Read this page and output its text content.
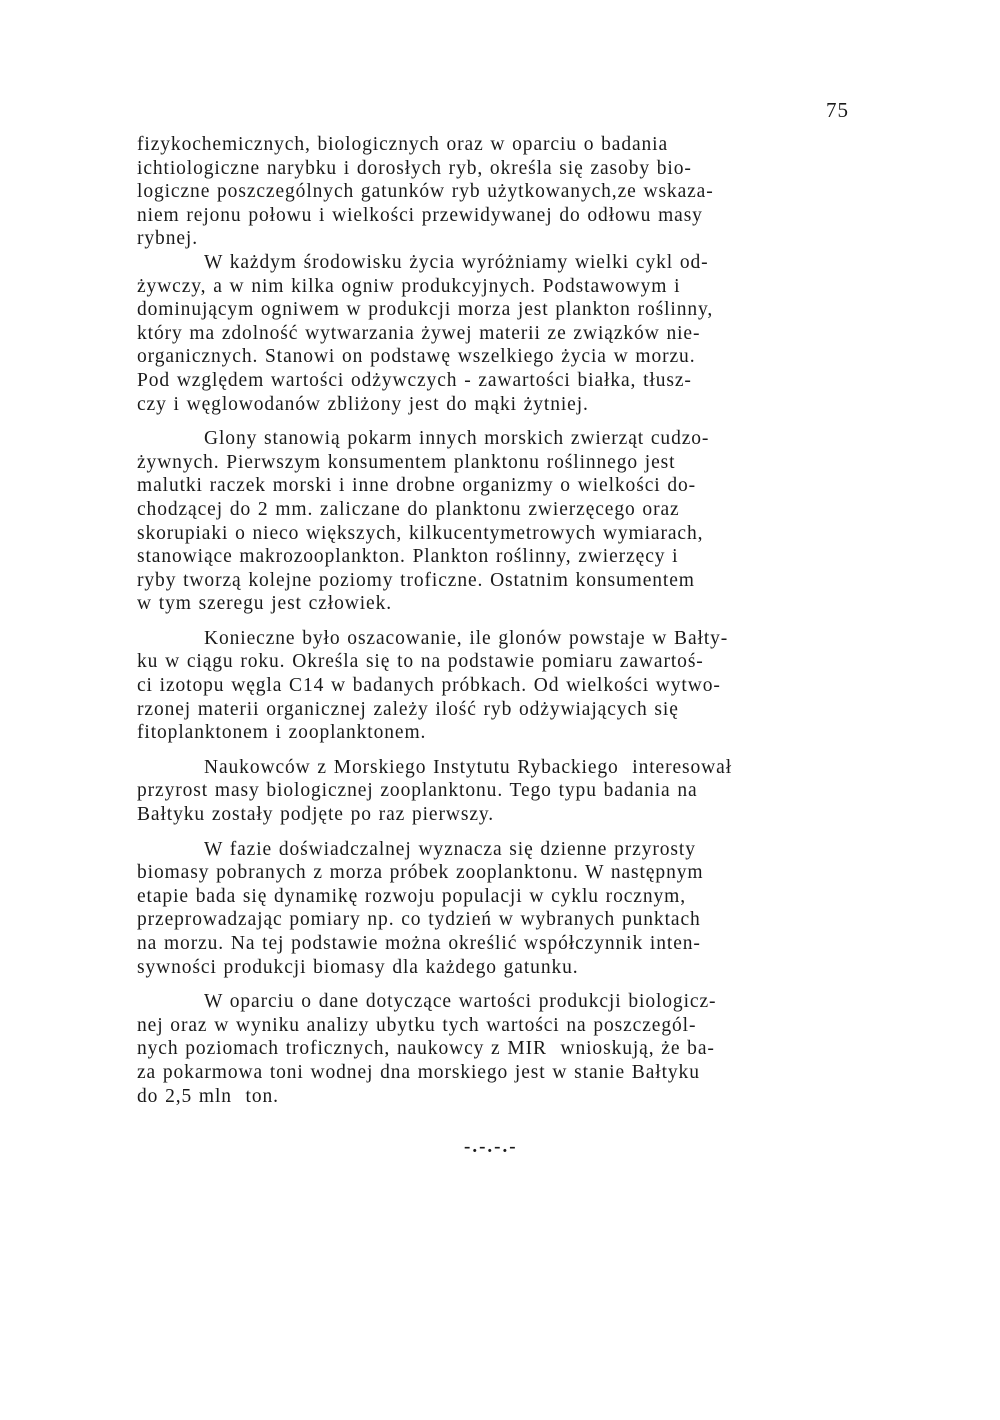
75
fizykochemicznych, biologicznych oraz w oparciu o badania
ichtiologiczne narybku i dorosłych ryb, określa się zasoby bio-
logiczne poszczególnych gatunków ryb użytkowanych,ze wskaza-
niem rejonu połowu i wielkości przewidywanej do odłowu masy
rybnej.
W każdym środowisku życia wyróżniamy wielki cykl od-
żywczy, a w nim kilka ogniw produkcyjnych. Podstawowym i
dominującym ogniwem w produkcji morza jest plankton roślinny,
który ma zdolność wytwarzania żywej materii ze związków nie-
organicznych. Stanowi on podstawę wszelkiego życia w morzu.
Pod względem wartości odżywczych - zawartości białka, tłusz-
czy i węglowodanów zbliżony jest do mąki żytniej.
Glony stanowią pokarm innych morskich zwierząt cudzo-
żywnych. Pierwszym konsumentem planktonu roślinnego jest
malutki raczek morski i inne drobne organizmy o wielkości do-
chodzącej do 2 mm. zaliczane do planktonu zwierzęcego oraz
skorupiaki o nieco większych, kilkucentymetrowych wymiarach,
stanowiące makrozooplankton. Plankton roślinny, zwierzęcy i
ryby tworzą kolejne poziomy troficzne. Ostatnim konsumentem
w tym szeregu jest człowiek.
Konieczne było oszacowanie, ile glonów powstaje w Bałty-
ku w ciągu roku. Określa się to na podstawie pomiaru zawartoś-
ci izotopu węgla C14 w badanych próbkach. Od wielkości wytwo-
rzonej materii organicznej zależy ilość ryb odżywiających się
fitoplanktonem i zooplanktonem.
Naukowców z Morskiego Instytutu Rybackiego  interesował
przyrost masy biologicznej zooplanktonu. Tego typu badania na
Bałtyku zostały podjęte po raz pierwszy.
W fazie doświadczalnej wyznacza się dzienne przyrosty
biomasy pobranych z morza próbek zooplanktonu. W następnym
etapie bada się dynamikę rozwoju populacji w cyklu rocznym,
przeprowadzając pomiary np. co tydzień w wybranych punktach
na morzu. Na tej podstawie można określić współczynnik inten-
sywności produkcji biomasy dla każdego gatunku.
W oparciu o dane dotyczące wartości produkcji biologicz-
nej oraz w wyniku analizy ubytku tych wartości na poszczegól-
nych poziomach troficznych, naukowcy z MIR  wnioskują, że ba-
za pokarmowa toni wodnej dna morskiego jest w stanie Bałtyku
do 2,5 mln  ton.
-.-.-.-
